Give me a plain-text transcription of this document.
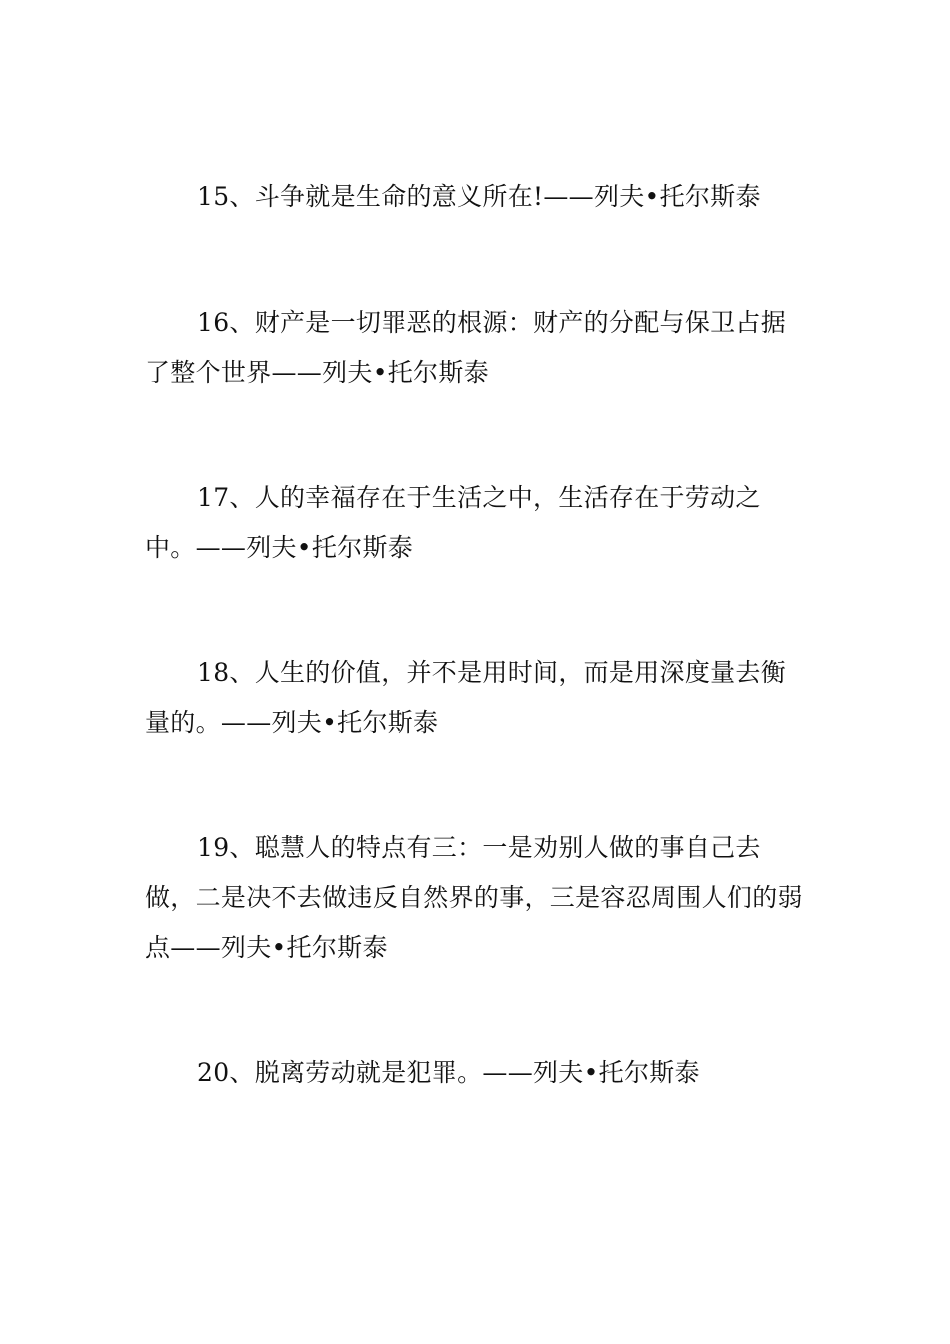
15、斗争就是生命的意义所在!——列夫•托尔斯泰

16、财产是一切罪恶的根源：财产的分配与保卫占据了整个世界——列夫•托尔斯泰

17、人的幸福存在于生活之中，生活存在于劳动之中。——列夫•托尔斯泰

18、人生的价值，并不是用时间，而是用深度量去衡量的。——列夫•托尔斯泰

19、聪慧人的特点有三：一是劝别人做的事自己去做，二是决不去做违反自然界的事，三是容忍周围人们的弱点——列夫•托尔斯泰

20、脱离劳动就是犯罪。——列夫•托尔斯泰
